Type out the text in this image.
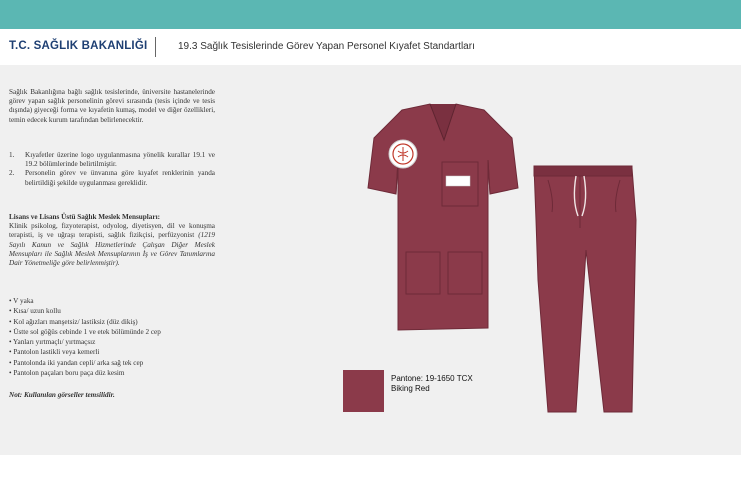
T.C. SAĞLIK BAKANLIĞI	19.3 Sağlık Tesislerinde Görev Yapan Personel Kıyafet Standartları
Sağlık Bakanlığına bağlı sağlık tesislerinde, üniversite hastanelerinde görev yapan sağlık personelinin görevi sırasında (tesis içinde ve tesis dışında) giyeceği forma ve kıyafetin kumaş, model ve diğer özellikleri, temin edecek kurum tarafından belirlenecektir.
1. Kıyafetler üzerine logo uygulanmasına yönelik kurallar 19.1 ve 19.2 bölümlerinde belirtilmiştir.
2. Personelin görev ve ünvanına göre kıyafet renklerinin yanda belirtildiği şekilde uygulanması gereklidir.
Lisans ve Lisans Üstü Sağlık Meslek Mensupları:
Klinik psikolog, fizyoterapist, odyolog, diyetisyen, dil ve konuşma terapisti, iş ve uğraşı terapisti, sağlık fizikçisi, perfüzyonist (1219 Sayılı Kanun ve Sağlık Hizmetlerinde Çalışan Diğer Meslek Mensupları ile Sağlık Meslek Mensuplarının İş ve Görev Tanımlarına Dair Yönetmeliğe göre belirlenmiştir).
• V yaka
• Kısa/ uzun kollu
• Kol ağızları manşetsiz/ lastiksiz (düz dikiş)
• Üstte sol göğüs cebinde 1 ve etek bölümünde 2 cep
• Yanları yırtmaçlı/ yırtmaçsız
• Pantolon lastikli veya kemerli
• Pantolonda iki yandan cepli/ arka sağ tek cep
• Pantolon paçaları boru paça düz kesim
Not: Kullanılan görseller temsilidir.
Pantone: 19-1650 TCX
Biking Red
